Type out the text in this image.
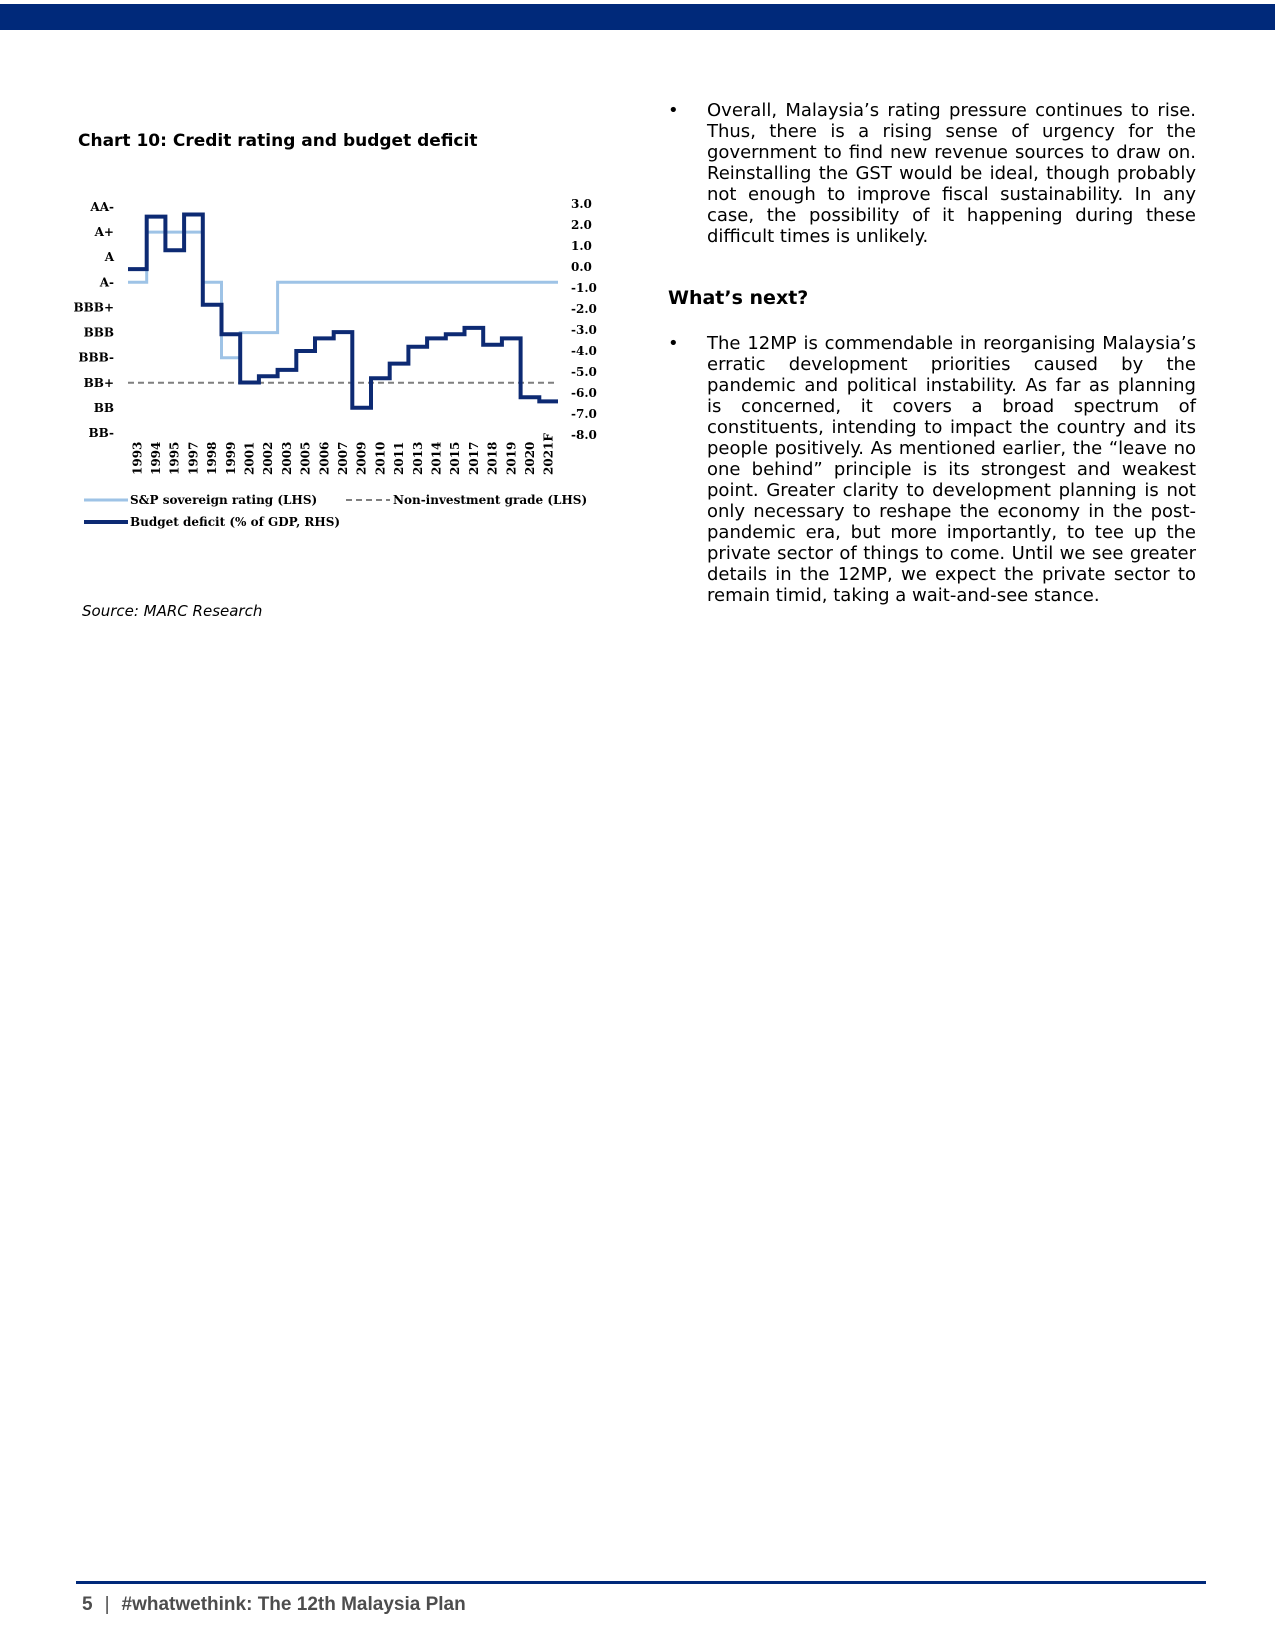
Chart 10: Credit rating and budget deficit
AA-
A+
A
A-
BBB+
BBB
BBB-
BB+
BB
BB-
3.0
2.0
1.0
0.0
-1.0
-2.0
-3.0
-4.0
-5.0
-6.0
-7.0
-8.0
1993 1994 1995 1997 1998 1999 2001 2002 2003 2005 2006 2007 2009 2010 2011 2013 2014 2015 2017 2018 2019 2020 2021F
S&P sovereign rating (LHS)	Non-investment grade (LHS)
Budget deficit (% of GDP, RHS)
Source: MARC Research
• Overall, Malaysia’s rating pressure continues to rise. Thus, there is a rising sense of urgency for the government to find new revenue sources to draw on. Reinstalling the GST would be ideal, though probably not enough to improve fiscal sustainability. In any case, the possibility of it happening during these difficult times is unlikely.
What’s next?
• The 12MP is commendable in reorganising Malaysia’s erratic development priorities caused by the pandemic and political instability. As far as planning is concerned, it covers a broad spectrum of constituents, intending to impact the country and its people positively. As mentioned earlier, the “leave no one behind” principle is its strongest and weakest point. Greater clarity to development planning is not only necessary to reshape the economy in the post-pandemic era, but more importantly, to tee up the private sector of things to come. Until we see greater details in the 12MP, we expect the private sector to remain timid, taking a wait-and-see stance.
5 | #whatwethink: The 12th Malaysia Plan
